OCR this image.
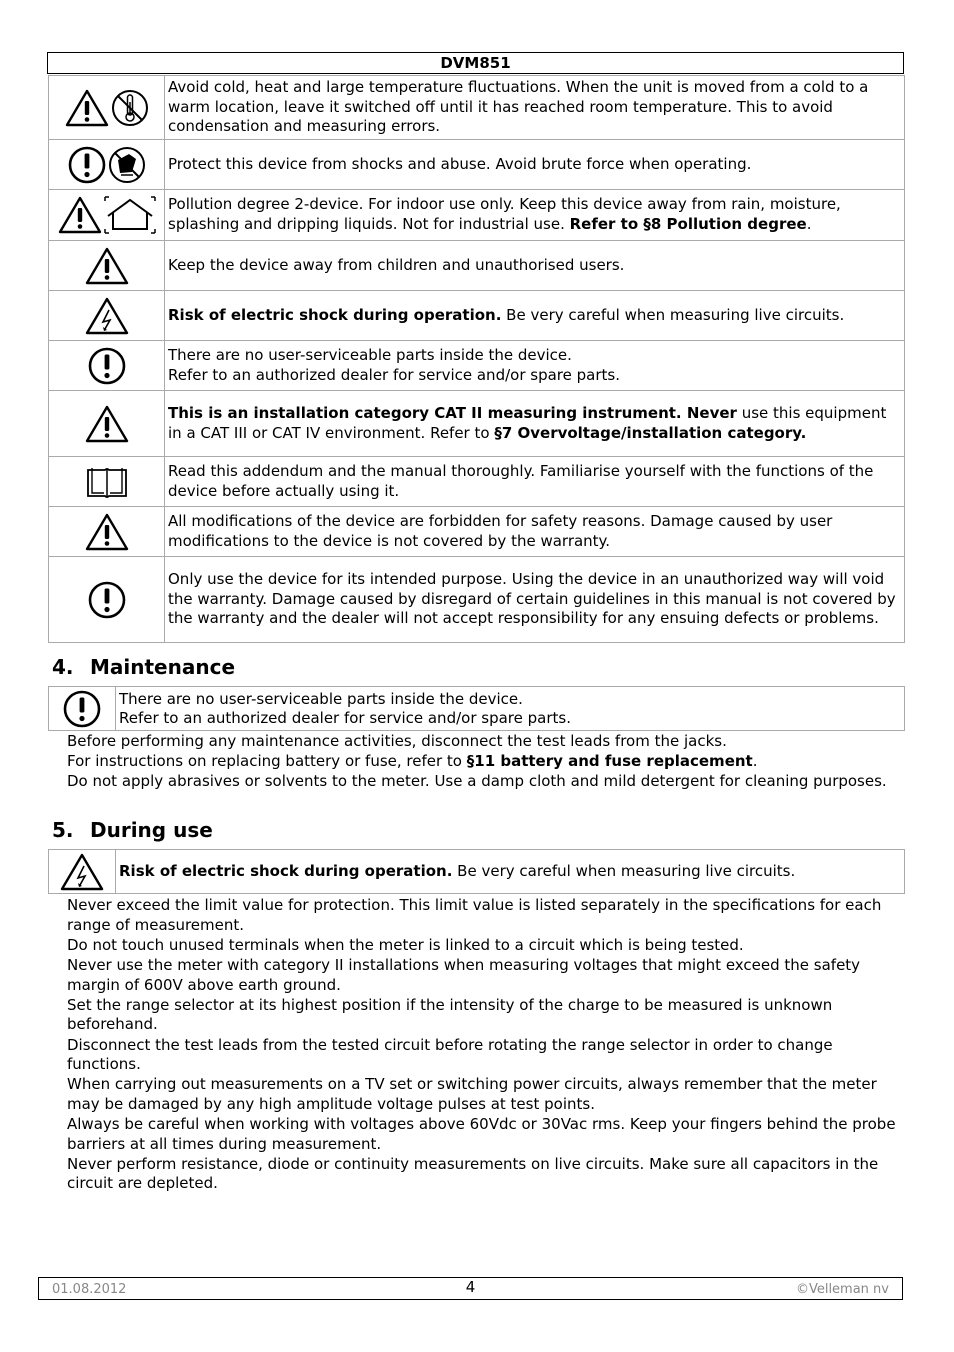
DVM851
	Avoid cold, heat and large temperature fluctuations. When the unit is moved from a cold to a warm location, leave it switched off until it has reached room temperature. This to avoid condensation and measuring errors.
	Protect this device from shocks and abuse. Avoid brute force when operating.
	Pollution degree 2-device. For indoor use only. Keep this device away from rain, moisture, splashing and dripping liquids. Not for industrial use. Refer to §8 Pollution degree.
	Keep the device away from children and unauthorised users.
	Risk of electric shock during operation. Be very careful when measuring live circuits.

There are no user-serviceable parts inside the device.
Refer to an authorized dealer for service and/or spare parts.

	This is an installation category CAT II measuring instrument. Never use this equipment in a CAT III or CAT IV environment. Refer to §7 Overvoltage/installation category.
	Read this addendum and the manual thoroughly. Familiarise yourself with the functions of the device before actually using it.
	All modifications of the device are forbidden for safety reasons. Damage caused by user modifications to the device is not covered by the warranty.
	Only use the device for its intended purpose. Using the device in an unauthorized way will void the warranty. Damage caused by disregard of certain guidelines in this manual is not covered by the warranty and the dealer will not accept responsibility for any ensuing defects or problems.
4. Maintenance

There are no user-serviceable parts inside the device.
Refer to an authorized dealer for service and/or spare parts.

Before performing any maintenance activities, disconnect the test leads from the jacks.

For instructions on replacing battery or fuse, refer to §11 battery and fuse replacement.

Do not apply abrasives or solvents to the meter. Use a damp cloth and mild detergent for cleaning purposes.

5. During use
	Risk of electric shock during operation. Be very careful when measuring live circuits.

Never exceed the limit value for protection. This limit value is listed separately in the specifications for each range of measurement.

Do not touch unused terminals when the meter is linked to a circuit which is being tested.

Never use the meter with category II installations when measuring voltages that might exceed the safety margin of 600V above earth ground.

Set the range selector at its highest position if the intensity of the charge to be measured is unknown beforehand.

Disconnect the test leads from the tested circuit before rotating the range selector in order to change functions.

When carrying out measurements on a TV set or switching power circuits, always remember that the meter may be damaged by any high amplitude voltage pulses at test points.

Always be careful when working with voltages above 60Vdc or 30Vac rms. Keep your fingers behind the probe barriers at all times during measurement.

Never perform resistance, diode or continuity measurements on live circuits. Make sure all capacitors in the circuit are depleted.

01.08.2012	4	©Velleman nv
